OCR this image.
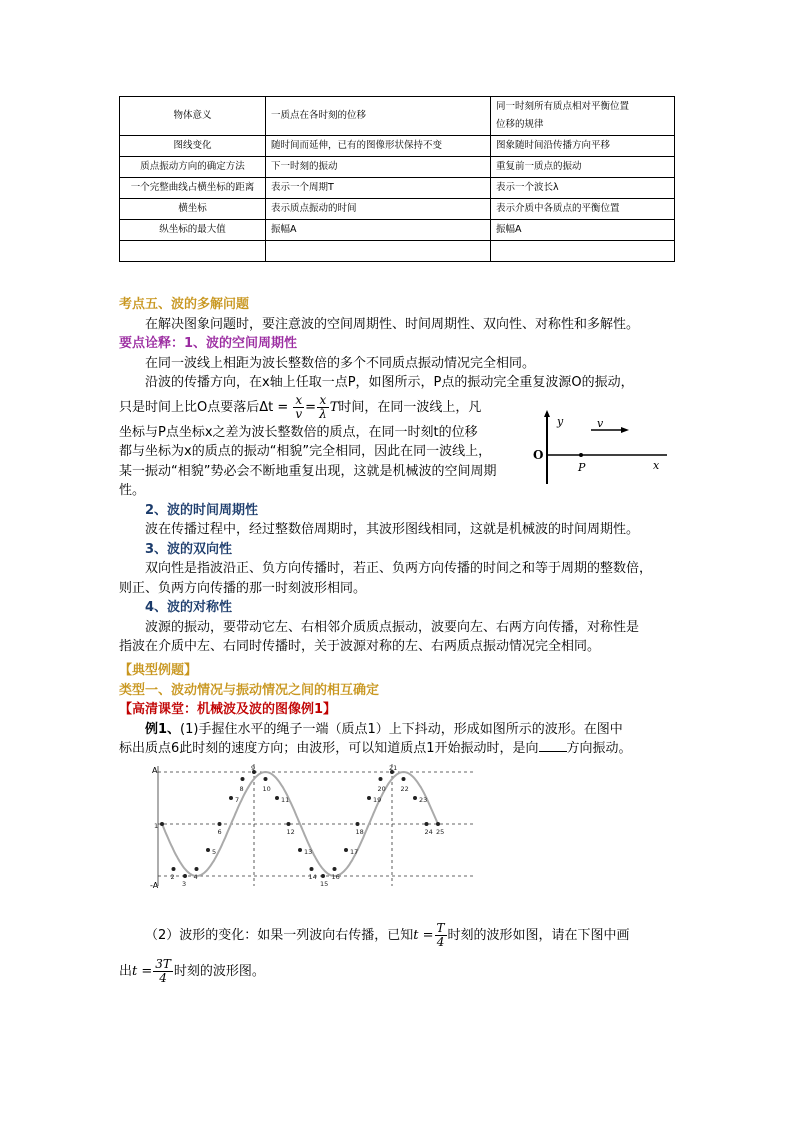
物体意义	一质点在各时刻的位移	同一时刻所有质点相对平衡位置
位移的规律

图线变化	随时间而延伸，已有的图像形状保持不变	图象随时间沿传播方向平移

质点振动方向的确定方法	下一时刻的振动	重复前一质点的振动

一个完整曲线占横坐标的距离	表示一个周期T	表示一个波长λ

横坐标	表示质点振动的时间	表示介质中各质点的平衡位置

纵坐标的最大值	振幅A	振幅A

考点五、波的多解问题

在解决图象问题时，要注意波的空间周期性、时间周期性、双向性、对称性和多解性。

要点诠释：1、波的空间周期性

在同一波线上相距为波长整数倍的多个不同质点振动情况完全相同。

沿波的传播方向，在x轴上任取一点P，如图所示，P点的振动完全重复波源O的振动，

只是时间上比O点要落后$\Delta t = \frac{x}{v} = \frac{x}{\lambda}$ T时间，在同一波线上，凡

坐标与P点坐标x之差为波长整数倍的质点，在同一时刻t的位移

都与坐标为x的质点的振动“相貌”完全相同，因此在同一波线上，

某一振动“相貌”势必会不断地重复出现，这就是机械波的空间周期

性。

2、波的时间周期性

波在传播过程中，经过整数倍周期时，其波形图线相同，这就是机械波的时间周期性。

3、波的双向性

双向性是指波沿正、负方向传播时，若正、负两方向传播的时间之和等于周期的整数倍，

则正、负两方向传播的那一时刻波形相同。

4、波的对称性

波源的振动，要带动它左、右相邻介质质点振动，波要向左、右两方向传播，对称性是

指波在介质中左、右同时传播时，关于波源对称的左、右两质点振动情况完全相同。

y	v
O
P	x

【典型例题】

类型一、波动情况与振动情况之间的相互确定

【高清课堂：机械波及波的图像例1】

例1、(1)手握住水平的绳子一端（质点1）上下抖动，形成如图所示的波形。在图中

标出质点6此时刻的速度方向；由波形，可以知道质点1开始振动时，是向 方向振动。

1
2
3
4
5
6
7
8
9
10
11
12
13
14
15
16
17
18
19
20
21
22
23
24 25
A
-A

（2）波形的变化：如果一列波向右传播，已知$t = \frac{T}{4}$ 时刻的波形如图，请在下图中画

出$t = \frac{3T}{4}$ 时刻的波形图。
